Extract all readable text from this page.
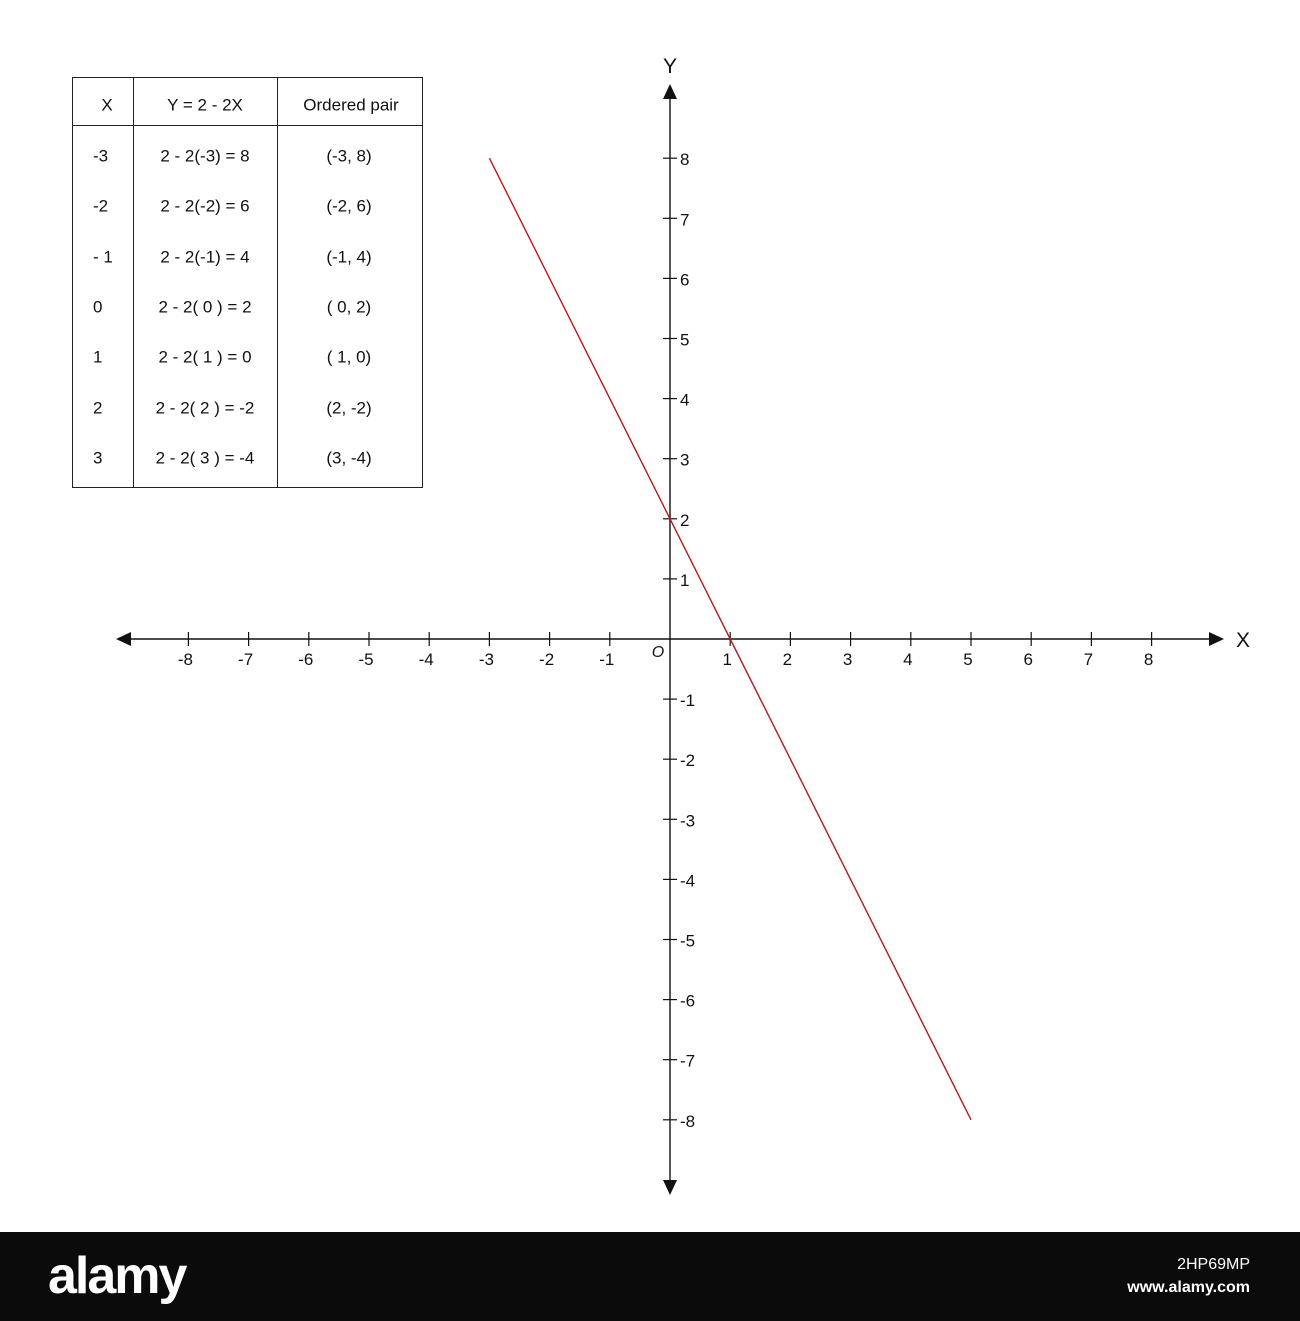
-8	-7	-6	-5	-4	-3	-2	-1	1	2	3	4	5	6	7	8
8
7
6
5
4
3
2
1
-1
-2
-3
-4
-5
-6
-7
-8
X
Y
O
X	Y = 2 - 2X	Ordered pair
-3	2 - 2(-3) = 8	(-3, 8)
-2	2 - 2(-2) = 6	(-2, 6)
- 1	2 - 2(-1) = 4	(-1, 4)
0	2 - 2( 0 ) = 2	( 0, 2)
1	2 - 2( 1 ) = 0	( 1, 0)
2	2 - 2( 2 ) = -2	(2, -2)
3	2 - 2( 3 ) = -4	(3, -4)
alamy	2HP69MP
www.alamy.com
